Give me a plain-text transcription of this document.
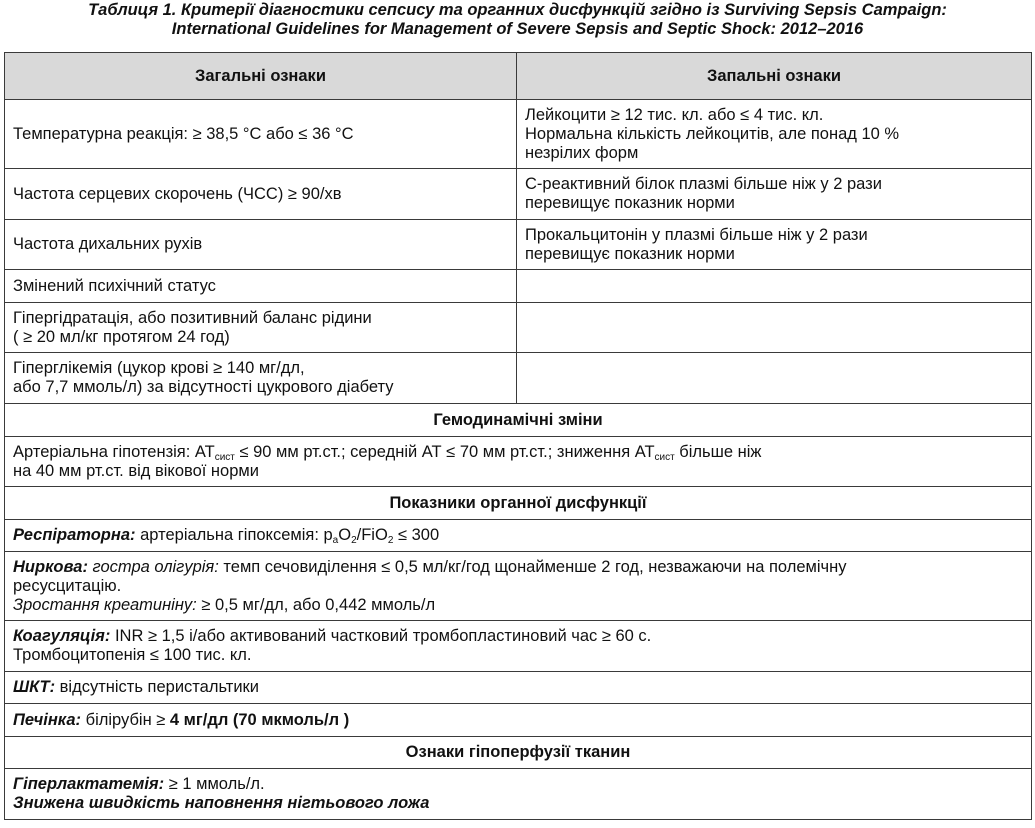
Таблиця 1. Критерії діагностики сепсису та органних дисфункцій згідно із Surviving Sepsis Campaign:
International Guidelines for Management of Severe Sepsis and Septic Shock: 2012–2016
Загальні ознаки	Запальні ознаки
Температурна реакція: ≥ 38,5 °C або ≤ 36 °C	Лейкоцити ≥ 12 тис. кл. або ≤ 4 тис. кл.
Нормальна кількість лейкоцитів, але понад 10 %
незрілих форм

Частота серцевих скорочень (ЧСС) ≥ 90/хв	С-реактивний білок плазмі більше ніж у 2 рази
перевищує показник норми

Частота дихальних рухів	Прокальцитонін у плазмі більше ніж у 2 рази
перевищує показник норми

Змінений психічний статус	

Гіпергідратація, або позитивний баланс рідини
( ≥ 20 мл/кг протягом 24 год)	

Гіперглікемія (цукор крові ≥ 140 мг/дл,
або 7,7 ммоль/л) за відсутності цукрового діабету	

Гемодинамічні зміни	

Артеріальна гіпотензія: $АТ_{сист} \le 90$ мм рт.ст.; середній АТ ≤ 70 мм рт.ст.; зниження $АТ_{сист}$ більше ніж
на 40 мм рт.ст. від вікової норми	

Показники органної дисфункції	
Респіраторна: артеріальна гіпоксемія: $p_aO_2/FiO_2 \le 300$	

Ниркова: гостра олігурія: темп сечовиділення ≤ 0,5 мл/кг/год щонайменше 2 год, незважаючи на полемічну
ресусцитацію.
Зростання креатиніну: ≥ 0,5 мг/дл, або 0,442 ммоль/л	

Коагуляція: INR ≥ 1,5 і/або активований частковий тромбопластиновий час ≥ 60 с.
Тромбоцитопенія ≤ 100 тис. кл.	

ШКТ: відсутність перистальтики	
Печінка: білірубін ≥ 4 мг/дл (70 мкмоль/л )	
Ознаки гіпоперфузії тканин	

Гіперлактатемія: ≥ 1 ммоль/л.
Знижена швидкість наповнення нігтьового ложа	
